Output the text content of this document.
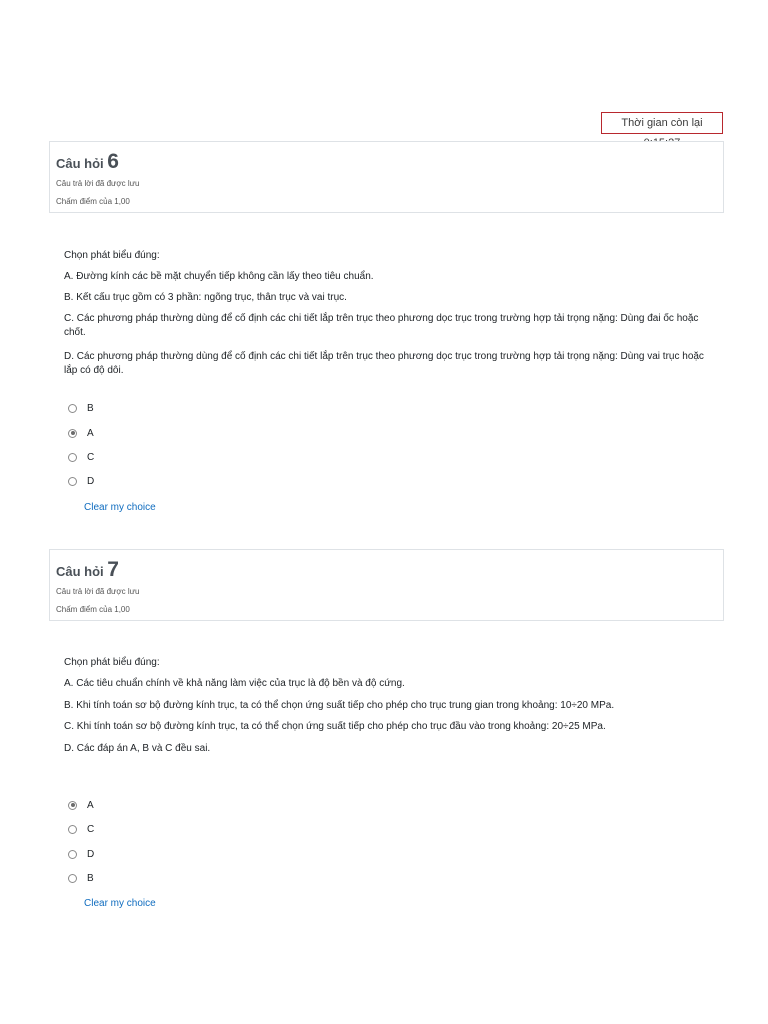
Thời gian còn lại
Câu hỏi 6
Câu trả lời đã được lưu
Chấm điểm của 1,00

Chọn phát biểu đúng:

A. Đường kính các bề mặt chuyển tiếp không cần lấy theo tiêu chuẩn.

B. Kết cấu trục gồm có 3 phần: ngõng trục, thân trục và vai trục.

C. Các phương pháp thường dùng để cố định các chi tiết lắp trên trục theo phương dọc trục trong trường hợp tải trọng nặng: Dùng đai ốc hoặc chốt.

D. Các phương pháp thường dùng để cố định các chi tiết lắp trên trục theo phương dọc trục trong trường hợp tải trọng nặng: Dùng vai trục hoặc lắp có độ dôi.

B
A
C
D
Clear my choice
Câu hỏi 7
Câu trả lời đã được lưu
Chấm điểm của 1,00

Chọn phát biểu đúng:

A. Các tiêu chuẩn chính về khả năng làm việc của trục là độ bền và độ cứng.

B. Khi tính toán sơ bộ đường kính trục, ta có thể chọn ứng suất tiếp cho phép cho trục trung gian trong khoảng: 10÷20 MPa.

C. Khi tính toán sơ bộ đường kính trục, ta có thể chọn ứng suất tiếp cho phép cho trục đầu vào trong khoảng: 20÷25 MPa.

D. Các đáp án A, B và C đều sai.

A
C
D
B
Clear my choice
